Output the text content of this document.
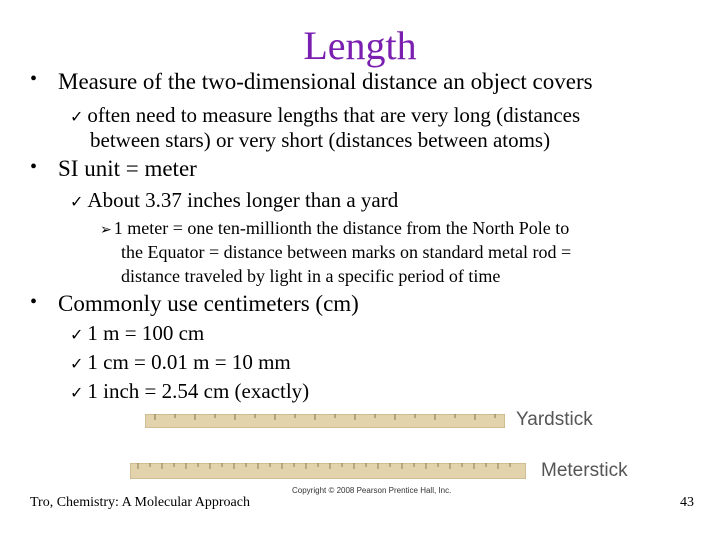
Length
• Measure of the two-dimensional distance an object covers
✓ often need to measure lengths that are very long (distances
between stars) or very short (distances between atoms)
• SI unit = meter
✓ About 3.37 inches longer than a yard
➢ 1 meter = one ten-millionth the distance from the North Pole to
the Equator = distance between marks on standard metal rod =
distance traveled by light in a specific period of time
• Commonly use centimeters (cm)
✓ 1 m = 100 cm
✓ 1 cm = 0.01 m = 10 mm
✓ 1 inch = 2.54 cm (exactly)
Yardstick
Meterstick
Copyright © 2008 Pearson Prentice Hall, Inc.
Tro, Chemistry: A Molecular Approach	43
